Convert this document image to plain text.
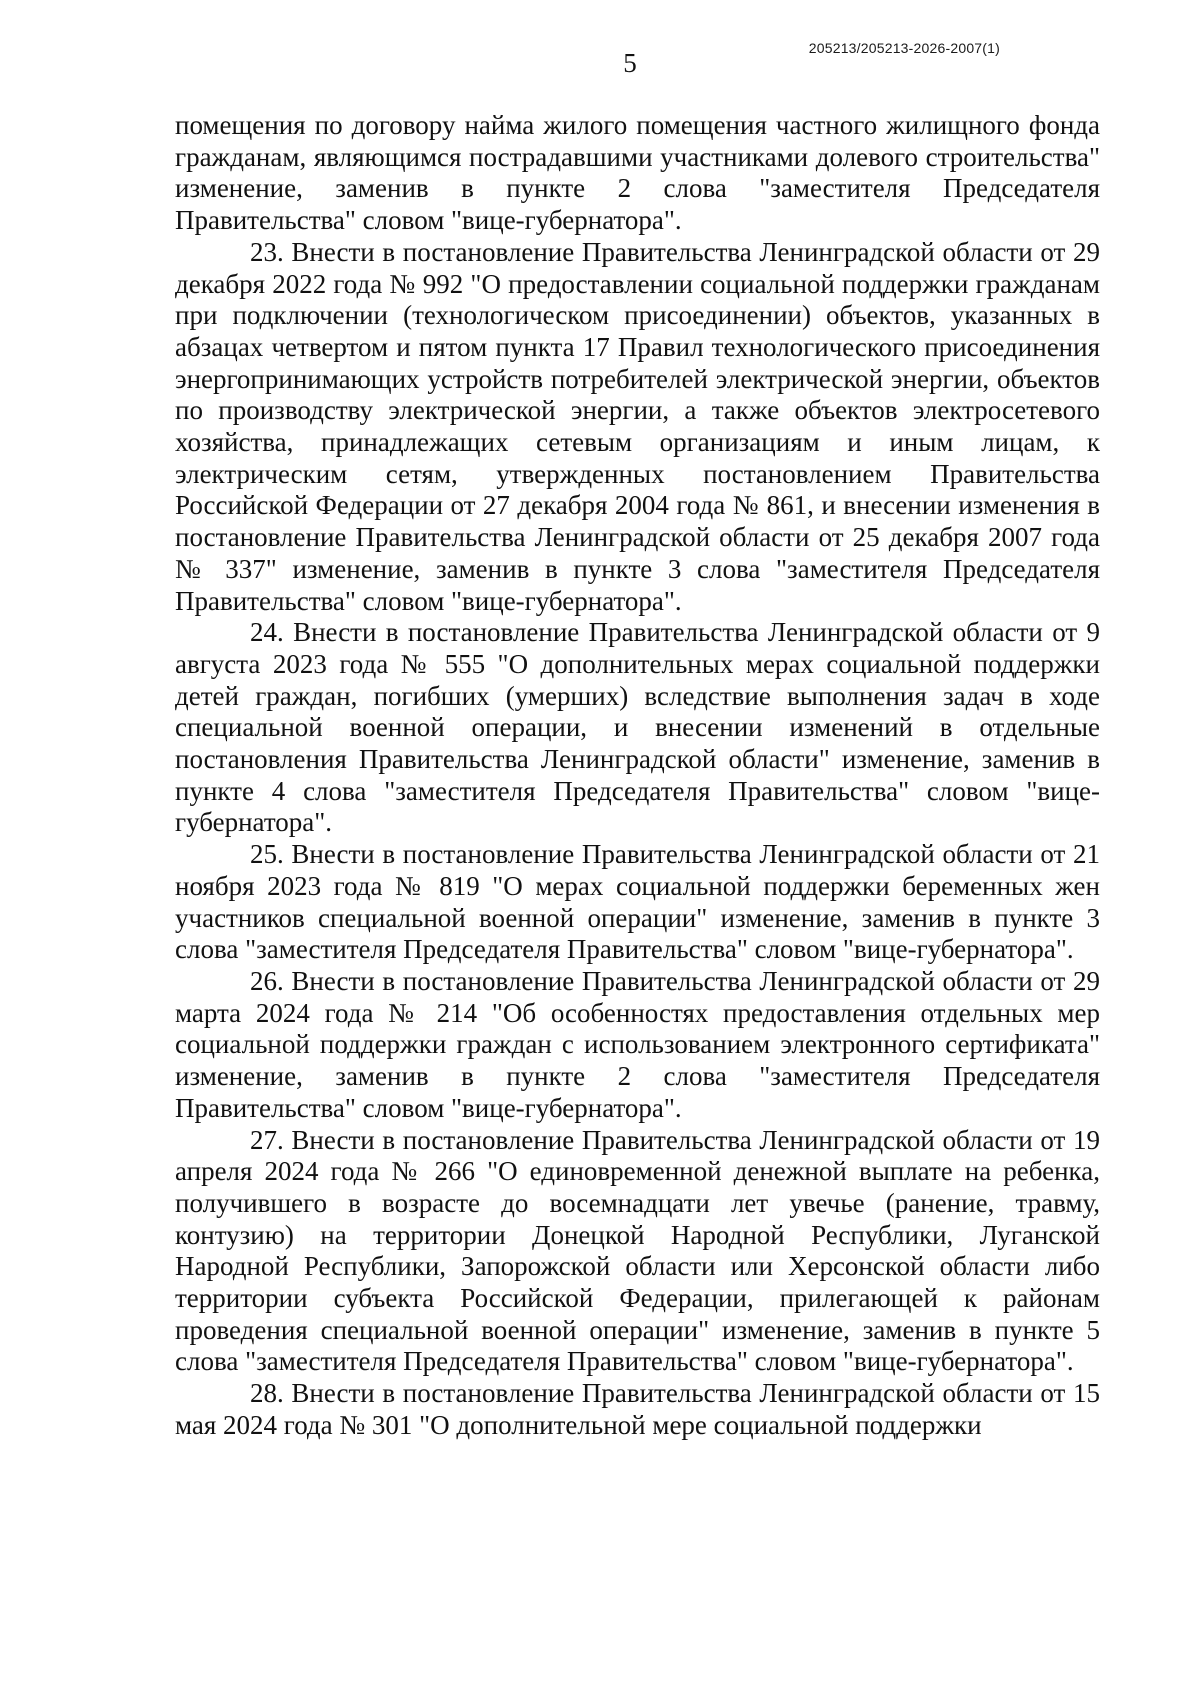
205213/205213-2026-2007(1)
5

помещения по договору найма жилого помещения частного жилищного фонда гражданам, являющимся пострадавшими участниками долевого строительства" изменение, заменив в пункте 2 слова "заместителя Председателя Правительства" словом "вице-губернатора".

23. Внести в постановление Правительства Ленинградской области от 29 декабря 2022 года № 992 "О предоставлении социальной поддержки гражданам при подключении (технологическом присоединении) объектов, указанных в абзацах четвертом и пятом пункта 17 Правил технологического присоединения энергопринимающих устройств потребителей электрической энергии, объектов по производству электрической энергии, а также объектов электросетевого хозяйства, принадлежащих сетевым организациям и иным лицам, к электрическим сетям, утвержденных постановлением Правительства Российской Федерации от 27 декабря 2004 года № 861, и внесении изменения в постановление Правительства Ленинградской области от 25 декабря 2007 года № 337" изменение, заменив в пункте 3 слова "заместителя Председателя Правительства" словом "вице-губернатора".

24. Внести в постановление Правительства Ленинградской области от 9 августа 2023 года № 555 "О дополнительных мерах социальной поддержки детей граждан, погибших (умерших) вследствие выполнения задач в ходе специальной военной операции, и внесении изменений в отдельные постановления Правительства Ленинградской области" изменение, заменив в пункте 4 слова "заместителя Председателя Правительства" словом "вице-губернатора".

25. Внести в постановление Правительства Ленинградской области от 21 ноября 2023 года № 819 "О мерах социальной поддержки беременных жен участников специальной военной операции" изменение, заменив в пункте 3 слова "заместителя Председателя Правительства" словом "вице-губернатора".

26. Внести в постановление Правительства Ленинградской области от 29 марта 2024 года № 214 "Об особенностях предоставления отдельных мер социальной поддержки граждан с использованием электронного сертификата" изменение, заменив в пункте 2 слова "заместителя Председателя Правительства" словом "вице-губернатора".

27. Внести в постановление Правительства Ленинградской области от 19 апреля 2024 года № 266 "О единовременной денежной выплате на ребенка, получившего в возрасте до восемнадцати лет увечье (ранение, травму, контузию) на территории Донецкой Народной Республики, Луганской Народной Республики, Запорожской области или Херсонской области либо территории субъекта Российской Федерации, прилегающей к районам проведения специальной военной операции" изменение, заменив в пункте 5 слова "заместителя Председателя Правительства" словом "вице-губернатора".

28. Внести в постановление Правительства Ленинградской области от 15 мая 2024 года № 301 "О дополнительной мере социальной поддержки
